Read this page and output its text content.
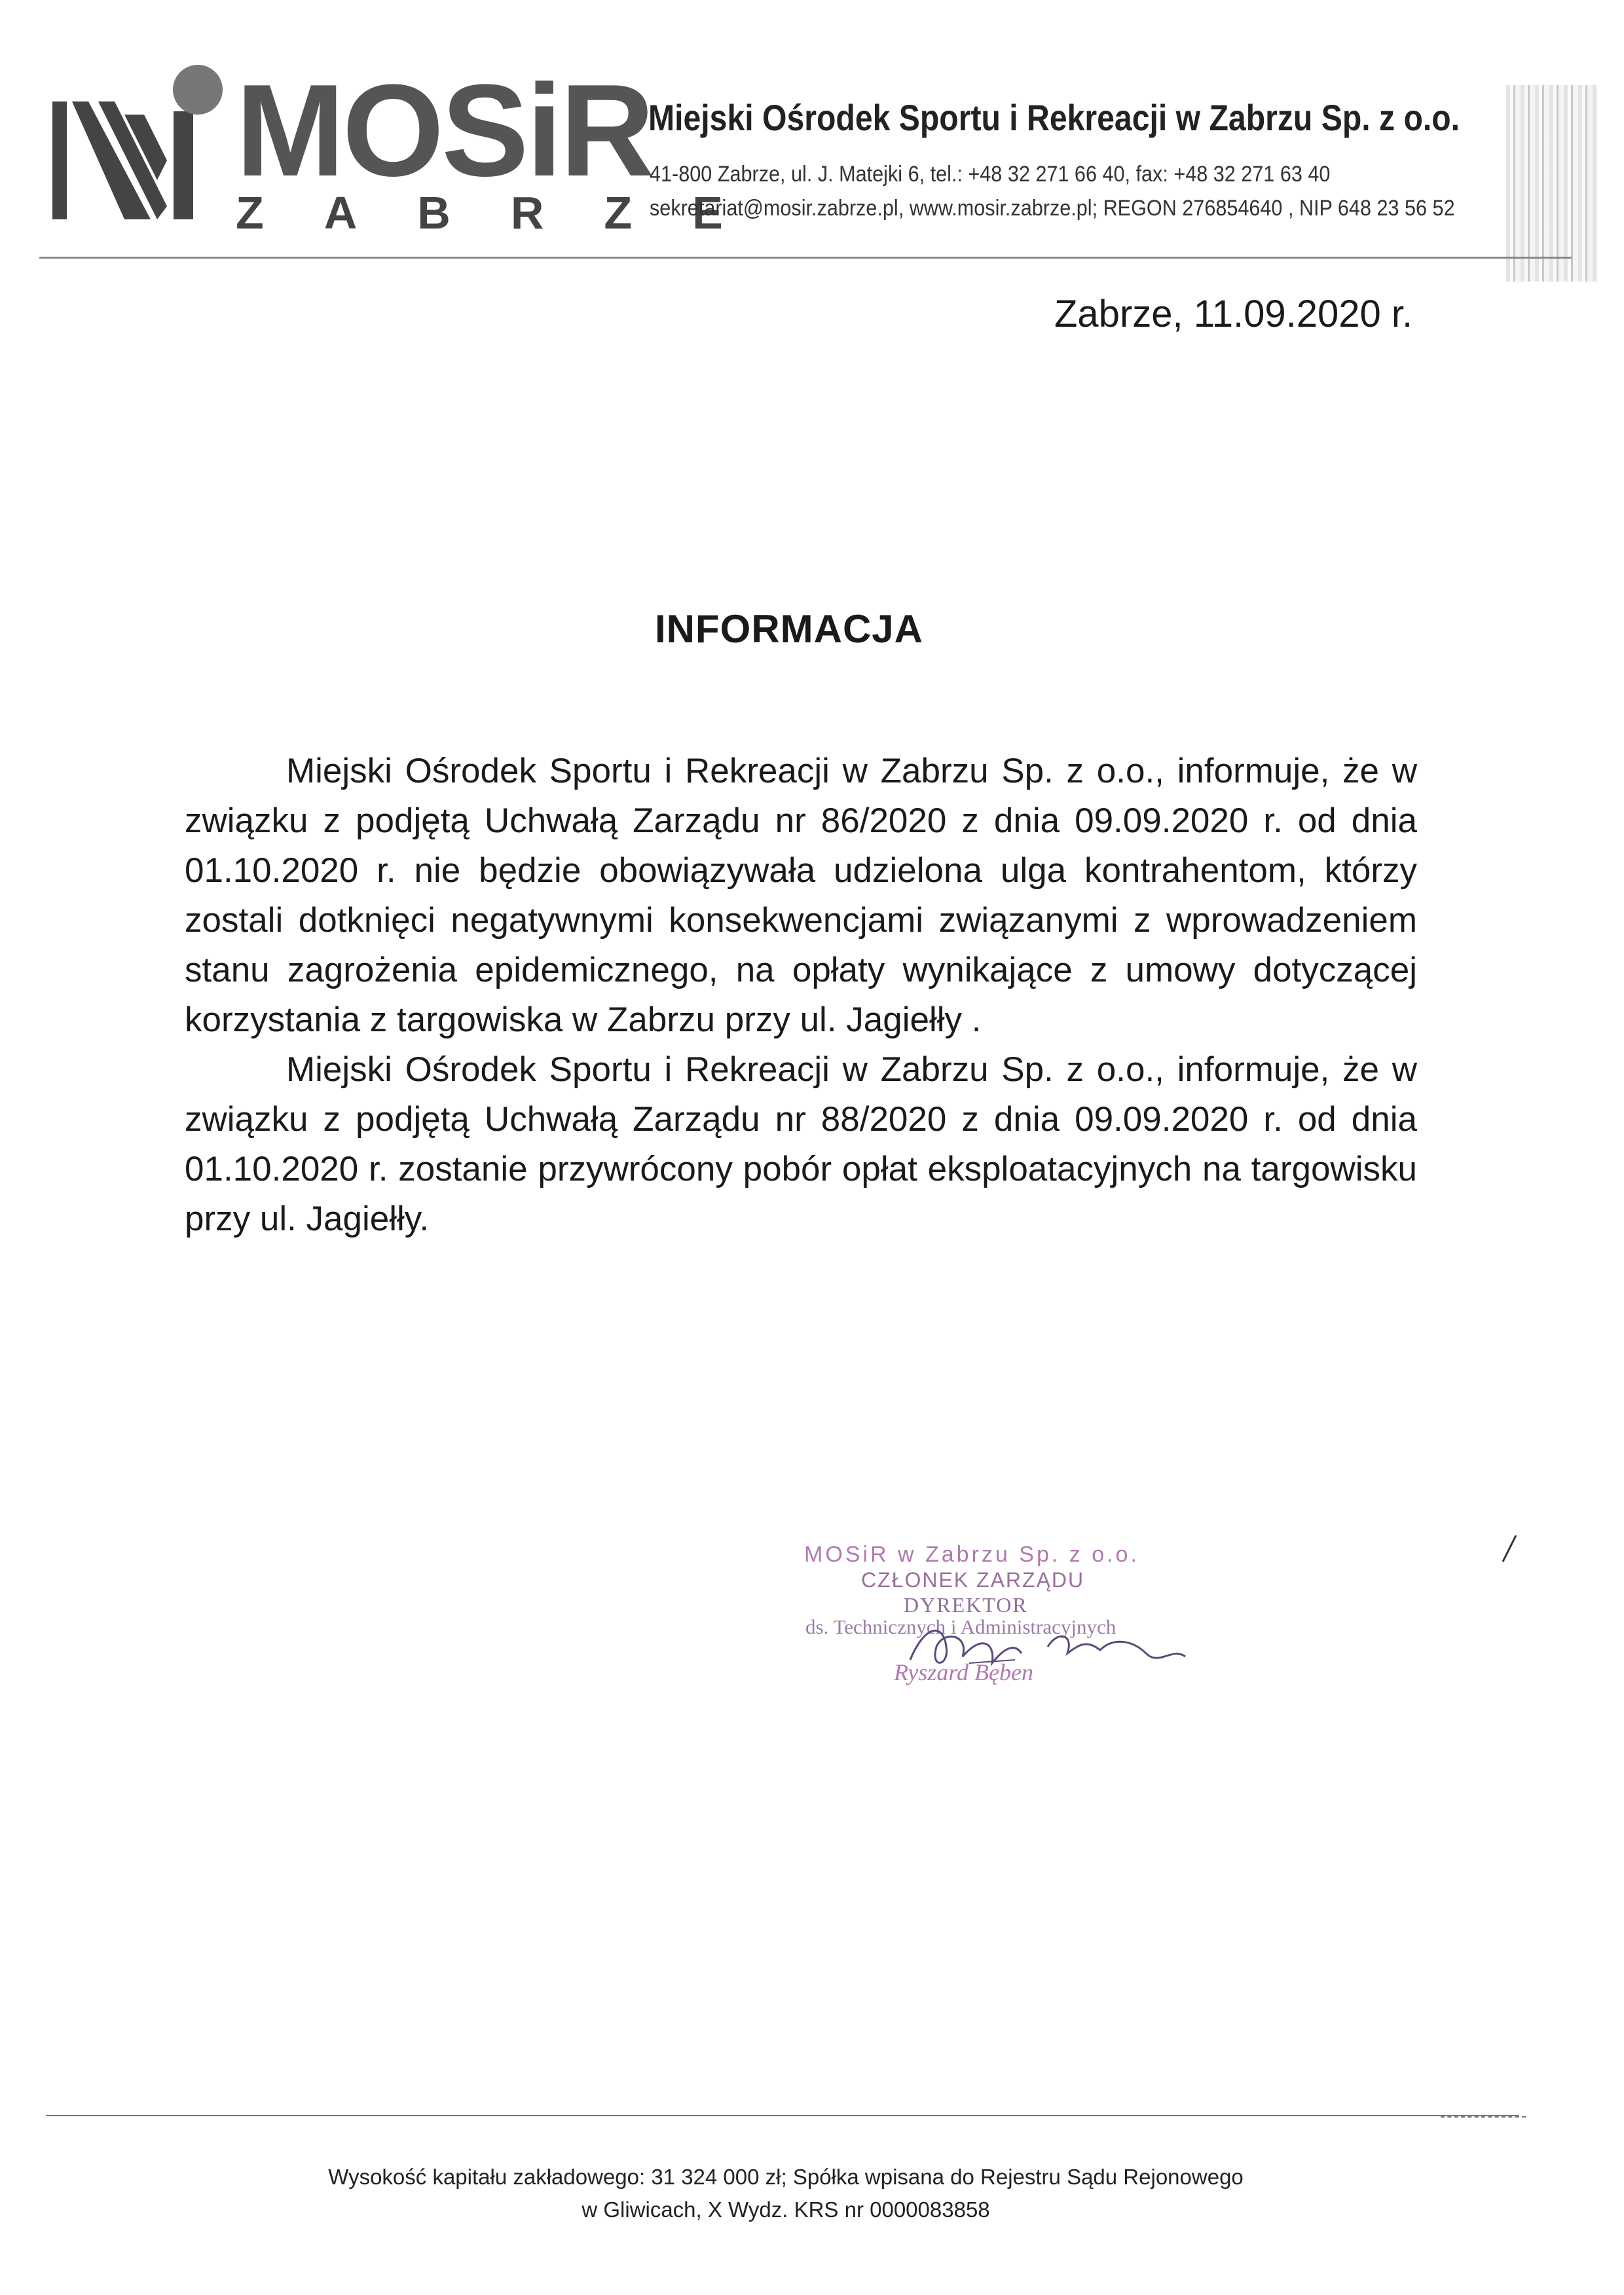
MOSiR
ZABRZE
Miejski Ośrodek Sportu i Rekreacji w Zabrzu Sp. z o.o.
41-800 Zabrze, ul. J. Matejki 6, tel.: +48 32 271 66 40, fax: +48 32 271 63 40
sekretariat@mosir.zabrze.pl, www.mosir.zabrze.pl; REGON 276854640 , NIP 648 23 56 52
Zabrze, 11.09.2020 r.
INFORMACJA

Miejski Ośrodek Sportu i Rekreacji w Zabrzu Sp. z o.o., informuje, że w związku z podjętą Uchwałą Zarządu nr 86/2020 z dnia 09.09.2020 r. od dnia 01.10.2020 r. nie będzie obowiązywała udzielona ulga kontrahentom, którzy zostali dotknięci negatywnymi konsekwencjami związanymi z wprowadzeniem stanu zagrożenia epidemicznego, na opłaty wynikające z umowy dotyczącej korzystania z targowiska w Zabrzu przy ul. Jagiełły .

Miejski Ośrodek Sportu i Rekreacji w Zabrzu Sp. z o.o., informuje, że w związku z podjętą Uchwałą Zarządu nr 88/2020 z dnia 09.09.2020 r. od dnia 01.10.2020 r. zostanie przywrócony pobór opłat eksploatacyjnych na targowisku przy ul. Jagiełły.

MOSiR w Zabrzu Sp. z o.o.
CZŁONEK ZARZĄDU
DYREKTOR
ds. Technicznych i Administracyjnych
Ryszard Bęben
Wysokość kapitału zakładowego: 31 324 000 zł; Spółka wpisana do Rejestru Sądu Rejonowego
w Gliwicach, X Wydz. KRS nr 0000083858
